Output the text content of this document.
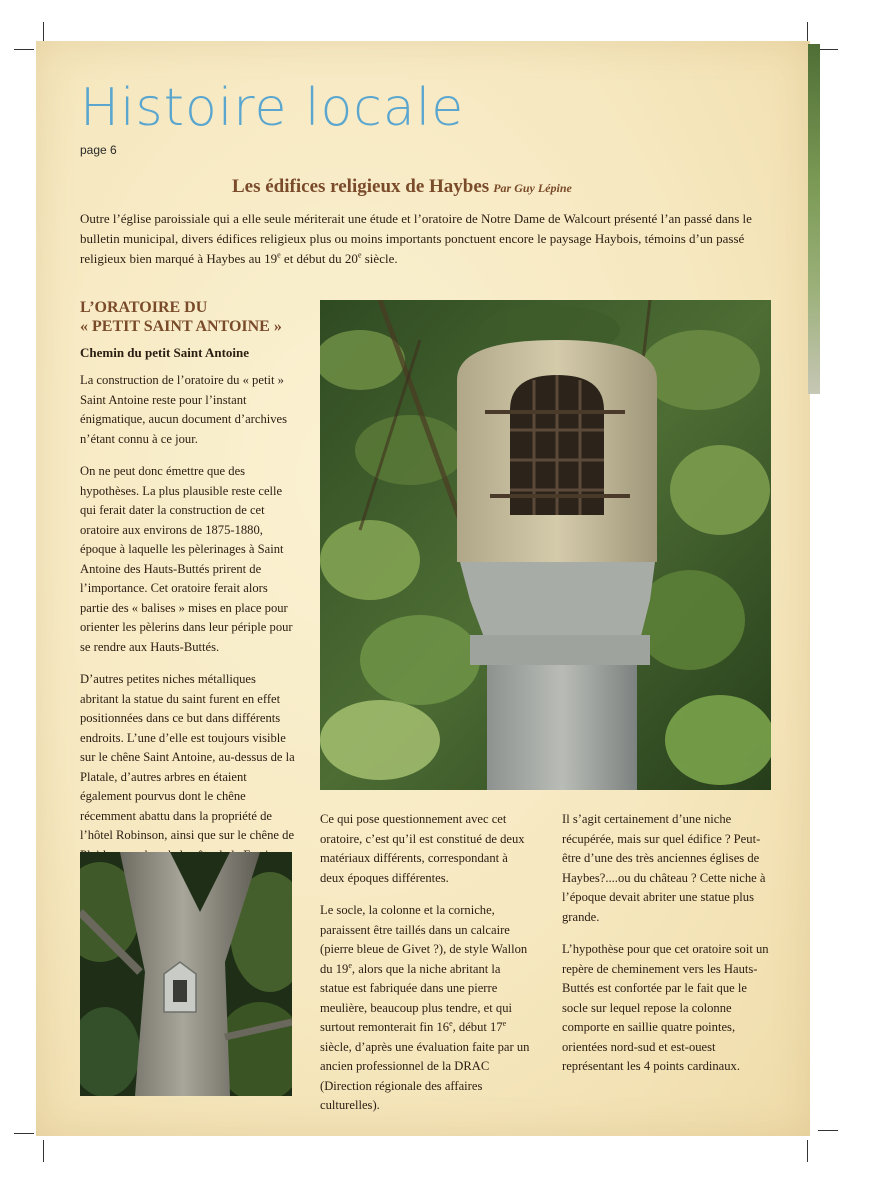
Histoire locale
page 6
Les édifices religieux de Haybes Par Guy Lépine

Outre l’église paroissiale qui a elle seule mériterait une étude et l’oratoire de Notre Dame de Walcourt présenté l’an passé dans le bulletin municipal, divers édifices religieux plus ou moins importants ponctuent encore le paysage Haybois, témoins d’un passé religieux bien marqué à Haybes au 19e et début du 20e siècle.

L’ORATOIRE DU
« PETIT SAINT ANTOINE »
Chemin du petit Saint Antoine

La construction de l’oratoire du « petit » Saint Antoine reste pour l’instant énigmatique, aucun document d’archives n’étant connu à ce jour.

On ne peut donc émettre que des hypothèses. La plus plausible reste celle qui ferait dater la construction de cet oratoire aux environs de 1875-1880, époque à laquelle les pèlerinages à Saint Antoine des Hauts-Buttés prirent de l’importance. Cet oratoire ferait alors partie des « balises » mises en place pour orienter les pèlerins dans leur périple pour se rendre aux Hauts-Buttés.

D’autres petites niches métalliques abritant la statue du saint furent en effet positionnées dans ce but dans différents endroits. L’une d’elle est toujours visible sur le chêne Saint Antoine, au-dessus de la Platale, d’autres arbres en étaient également pourvus dont le chêne récemment abattu dans la propriété de l’hôtel Robinson, ainsi que sur le chêne de

Ce qui pose questionnement avec cet oratoire, c’est qu’il est constitué de deux matériaux différents, correspondant à deux époques différentes.

Le socle, la colonne et la corniche, paraissent être taillés dans un calcaire (pierre bleue de Givet ?), de style Wallon du 19e, alors que la niche abritant la statue est fabriquée dans une pierre meulière, beaucoup plus tendre, et qui surtout remonterait fin 16e, début 17e siècle, d’après une évaluation faite par un ancien professionnel de la DRAC (Direction régionale des affaires culturelles).

Il s’agit certainement d’une niche récupérée, mais sur quel édifice ? Peut-être d’une des très anciennes églises de Haybes?....ou du château ? Cette niche à l’époque devait abriter une statue plus grande.

L’hypothèse pour que cet oratoire soit un repère de cheminement vers les Hauts- Buttés est confortée par le fait que le socle sur lequel repose la colonne comporte en saillie quatre pointes, orientées nord-sud et est-ouest représentant les 4 points cardinaux.
